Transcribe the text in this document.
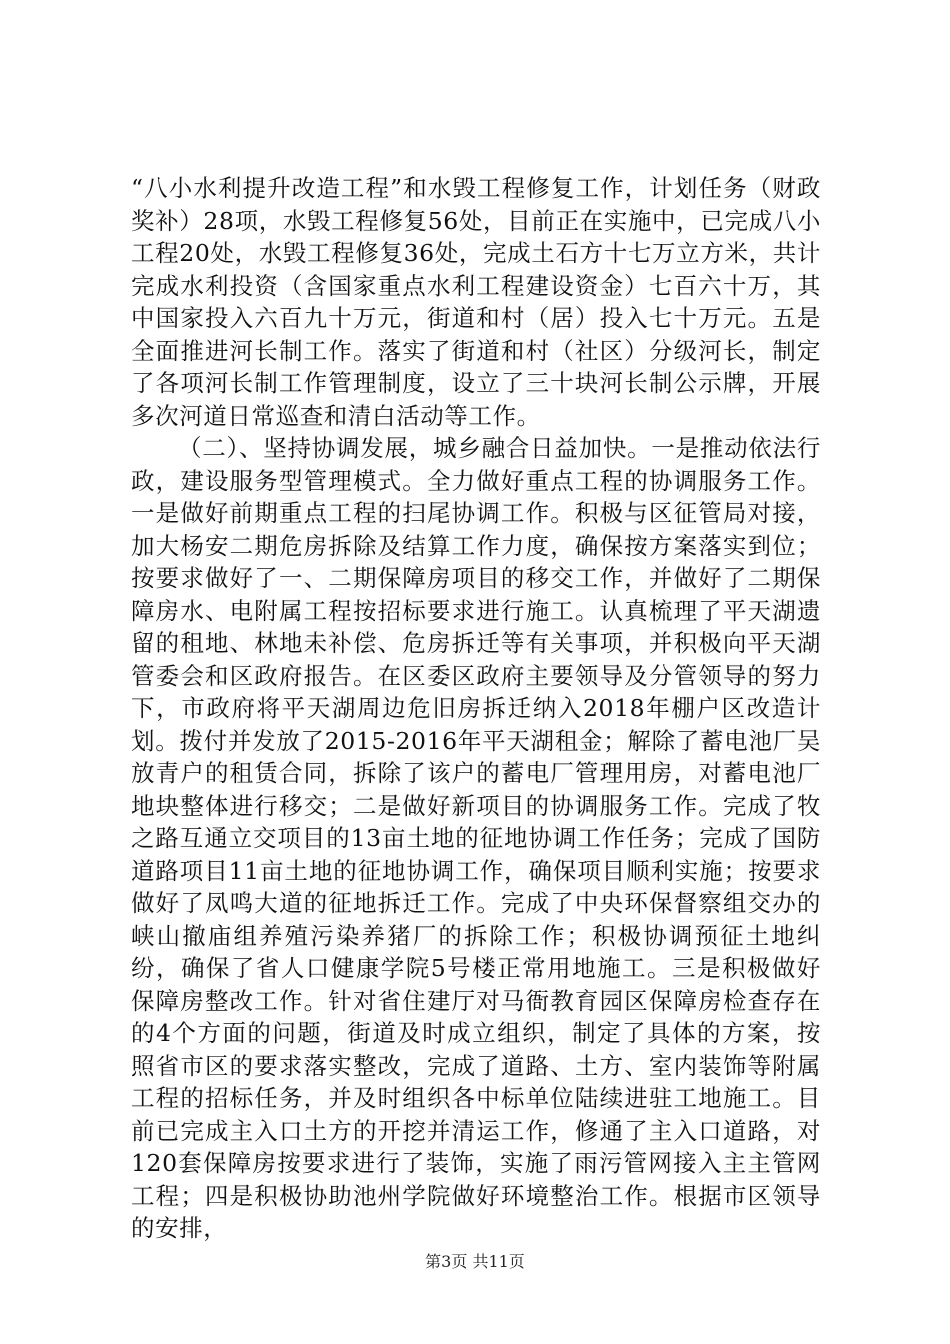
“八小水利提升改造工程”和水毁工程修复工作，计划任务（财政奖补）28项，水毁工程修复56处，目前正在实施中，已完成八小工程20处，水毁工程修复36处，完成土石方十七万立方米，共计完成水利投资（含国家重点水利工程建设资金）七百六十万，其中国家投入六百九十万元，街道和村（居）投入七十万元。五是全面推进河长制工作。落实了街道和村（社区）分级河长，制定了各项河长制工作管理制度，设立了三十块河长制公示牌，开展多次河道日常巡查和清白活动等工作。

（二）、坚持协调发展，城乡融合日益加快。一是推动依法行政，建设服务型管理模式。全力做好重点工程的协调服务工作。一是做好前期重点工程的扫尾协调工作。积极与区征管局对接，加大杨安二期危房拆除及结算工作力度，确保按方案落实到位；按要求做好了一、二期保障房项目的移交工作，并做好了二期保障房水、电附属工程按招标要求进行施工。认真梳理了平天湖遗留的租地、林地未补偿、危房拆迁等有关事项，并积极向平天湖管委会和区政府报告。在区委区政府主要领导及分管领导的努力下，市政府将平天湖周边危旧房拆迁纳入2018年棚户区改造计划。拨付并发放了2015-2016年平天湖租金；解除了蓄电池厂吴放青户的租赁合同，拆除了该户的蓄电厂管理用房，对蓄电池厂地块整体进行移交；二是做好新项目的协调服务工作。完成了牧之路互通立交项目的13亩土地的征地协调工作任务；完成了国防道路项目11亩土地的征地协调工作，确保项目顺利实施；按要求做好了凤鸣大道的征地拆迁工作。完成了中央环保督察组交办的峡山撤庙组养殖污染养猪厂的拆除工作；积极协调预征土地纠纷，确保了省人口健康学院5号楼正常用地施工。三是积极做好保障房整改工作。针对省住建厅对马衙教育园区保障房检查存在的4个方面的问题，街道及时成立组织，制定了具体的方案，按照省市区的要求落实整改，完成了道路、土方、室内装饰等附属工程的招标任务，并及时组织各中标单位陆续进驻工地施工。目前已完成主入口土方的开挖并清运工作，修通了主入口道路，对120套保障房按要求进行了装饰，实施了雨污管网接入主主管网工程；四是积极协助池州学院做好环境整治工作。根据市区领导的安排，

第3页 共11页
